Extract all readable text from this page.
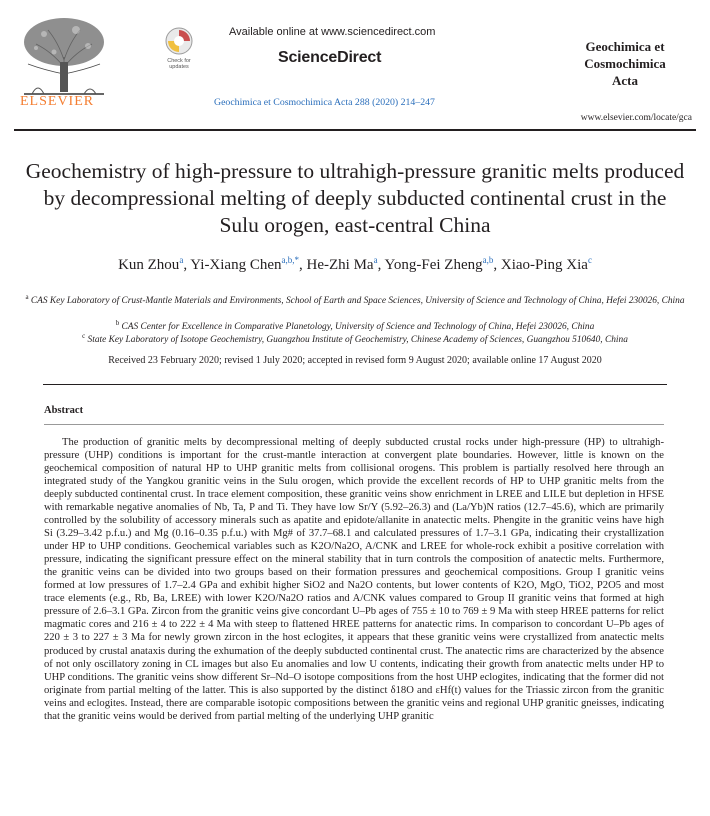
ELSEVIER
Check for updates
Available online at www.sciencedirect.com
ScienceDirect
Geochimica et Cosmochimica Acta 288 (2020) 214–247
Geochimica et
Cosmochimica
Acta
www.elsevier.com/locate/gca
Geochemistry of high-pressure to ultrahigh-pressure granitic melts produced by decompressional melting of deeply subducted continental crust in the Sulu orogen, east-central China
Kun Zhou$^a$, Yi-Xiang Chen$^{a,b,*}$, He-Zhi Ma$^a$, Yong-Fei Zheng$^{a,b}$, Xiao-Ping Xia$^c$
$^a$ CAS Key Laboratory of Crust-Mantle Materials and Environments, School of Earth and Space Sciences, University of Science and Technology of China, Hefei 230026, China
$^b$ CAS Center for Excellence in Comparative Planetology, University of Science and Technology of China, Hefei 230026, China
$^c$ State Key Laboratory of Isotope Geochemistry, Guangzhou Institute of Geochemistry, Chinese Academy of Sciences, Guangzhou 510640, China
Received 23 February 2020; revised 1 July 2020; accepted in revised form 9 August 2020; available online 17 August 2020
Abstract

The production of granitic melts by decompressional melting of deeply subducted crustal rocks under high-pressure (HP) to ultrahigh-pressure (UHP) conditions is important for the crust-mantle interaction at convergent plate boundaries. However, little is known on the geochemical composition of natural HP to UHP granitic melts from collisional orogens. This problem is partially resolved here through an integrated study of the Yangkou granitic veins in the Sulu orogen, which provide the excellent records of HP to UHP granitic melts from the deeply subducted continental crust. In trace element composition, these granitic veins show enrichment in LREE and LILE but depletion in HFSE with remarkable negative anomalies of Nb, Ta, P and Ti. They have low Sr/Y (5.92–26.3) and (La/Yb)N ratios (12.7–45.6), which are primarily controlled by the solubility of accessory minerals such as apatite and epidote/allanite in anatectic melts. Phengite in the granitic veins have high Si (3.29–3.42 p.f.u.) and Mg (0.16–0.35 p.f.u.) with Mg# of 37.7–68.1 and calculated pressures of 1.7–3.1 GPa, indicating their crystallization under HP to UHP conditions. Geochemical variables such as K2O/Na2O, A/CNK and LREE for whole-rock exhibit a positive correlation with pressure, indicating the significant pressure effect on the mineral stability that in turn controls the composition of anatectic melts. Furthermore, the granitic veins can be divided into two groups based on their formation pressures and geochemical compositions. Group I granitic veins formed at low pressures of 1.7–2.4 GPa and exhibit higher SiO2 and Na2O contents, but lower contents of K2O, MgO, TiO2, P2O5 and most trace elements (e.g., Rb, Ba, LREE) with lower K2O/Na2O ratios and A/CNK values compared to Group II granitic veins that formed at high pressure of 2.6–3.1 GPa. Zircon from the granitic veins give concordant U–Pb ages of 755 ± 10 to 769 ± 9 Ma with steep HREE patterns for relict magmatic cores and 216 ± 4 to 222 ± 4 Ma with steep to flattened HREE patterns for anatectic rims. In comparison to concordant U–Pb ages of 220 ± 3 to 227 ± 3 Ma for newly grown zircon in the host eclogites, it appears that these granitic veins were crystallized from anatectic melts produced by crustal anataxis during the exhumation of the deeply subducted continental crust. The anatectic rims are characterized by the absence of not only oscillatory zoning in CL images but also Eu anomalies and low U contents, indicating their growth from anatectic melts under HP to UHP conditions. The granitic veins show different Sr–Nd–O isotope compositions from the host UHP eclogites, indicating that the former did not originate from partial melting of the latter. This is also supported by the distinct δ18O and εHf(t) values for the Triassic zircon from the granitic veins and eclogites. Instead, there are comparable isotopic compositions between the granitic veins and regional UHP granitic gneisses, indicating that the granitic veins would be derived from partial melting of the underlying UHP granitic
